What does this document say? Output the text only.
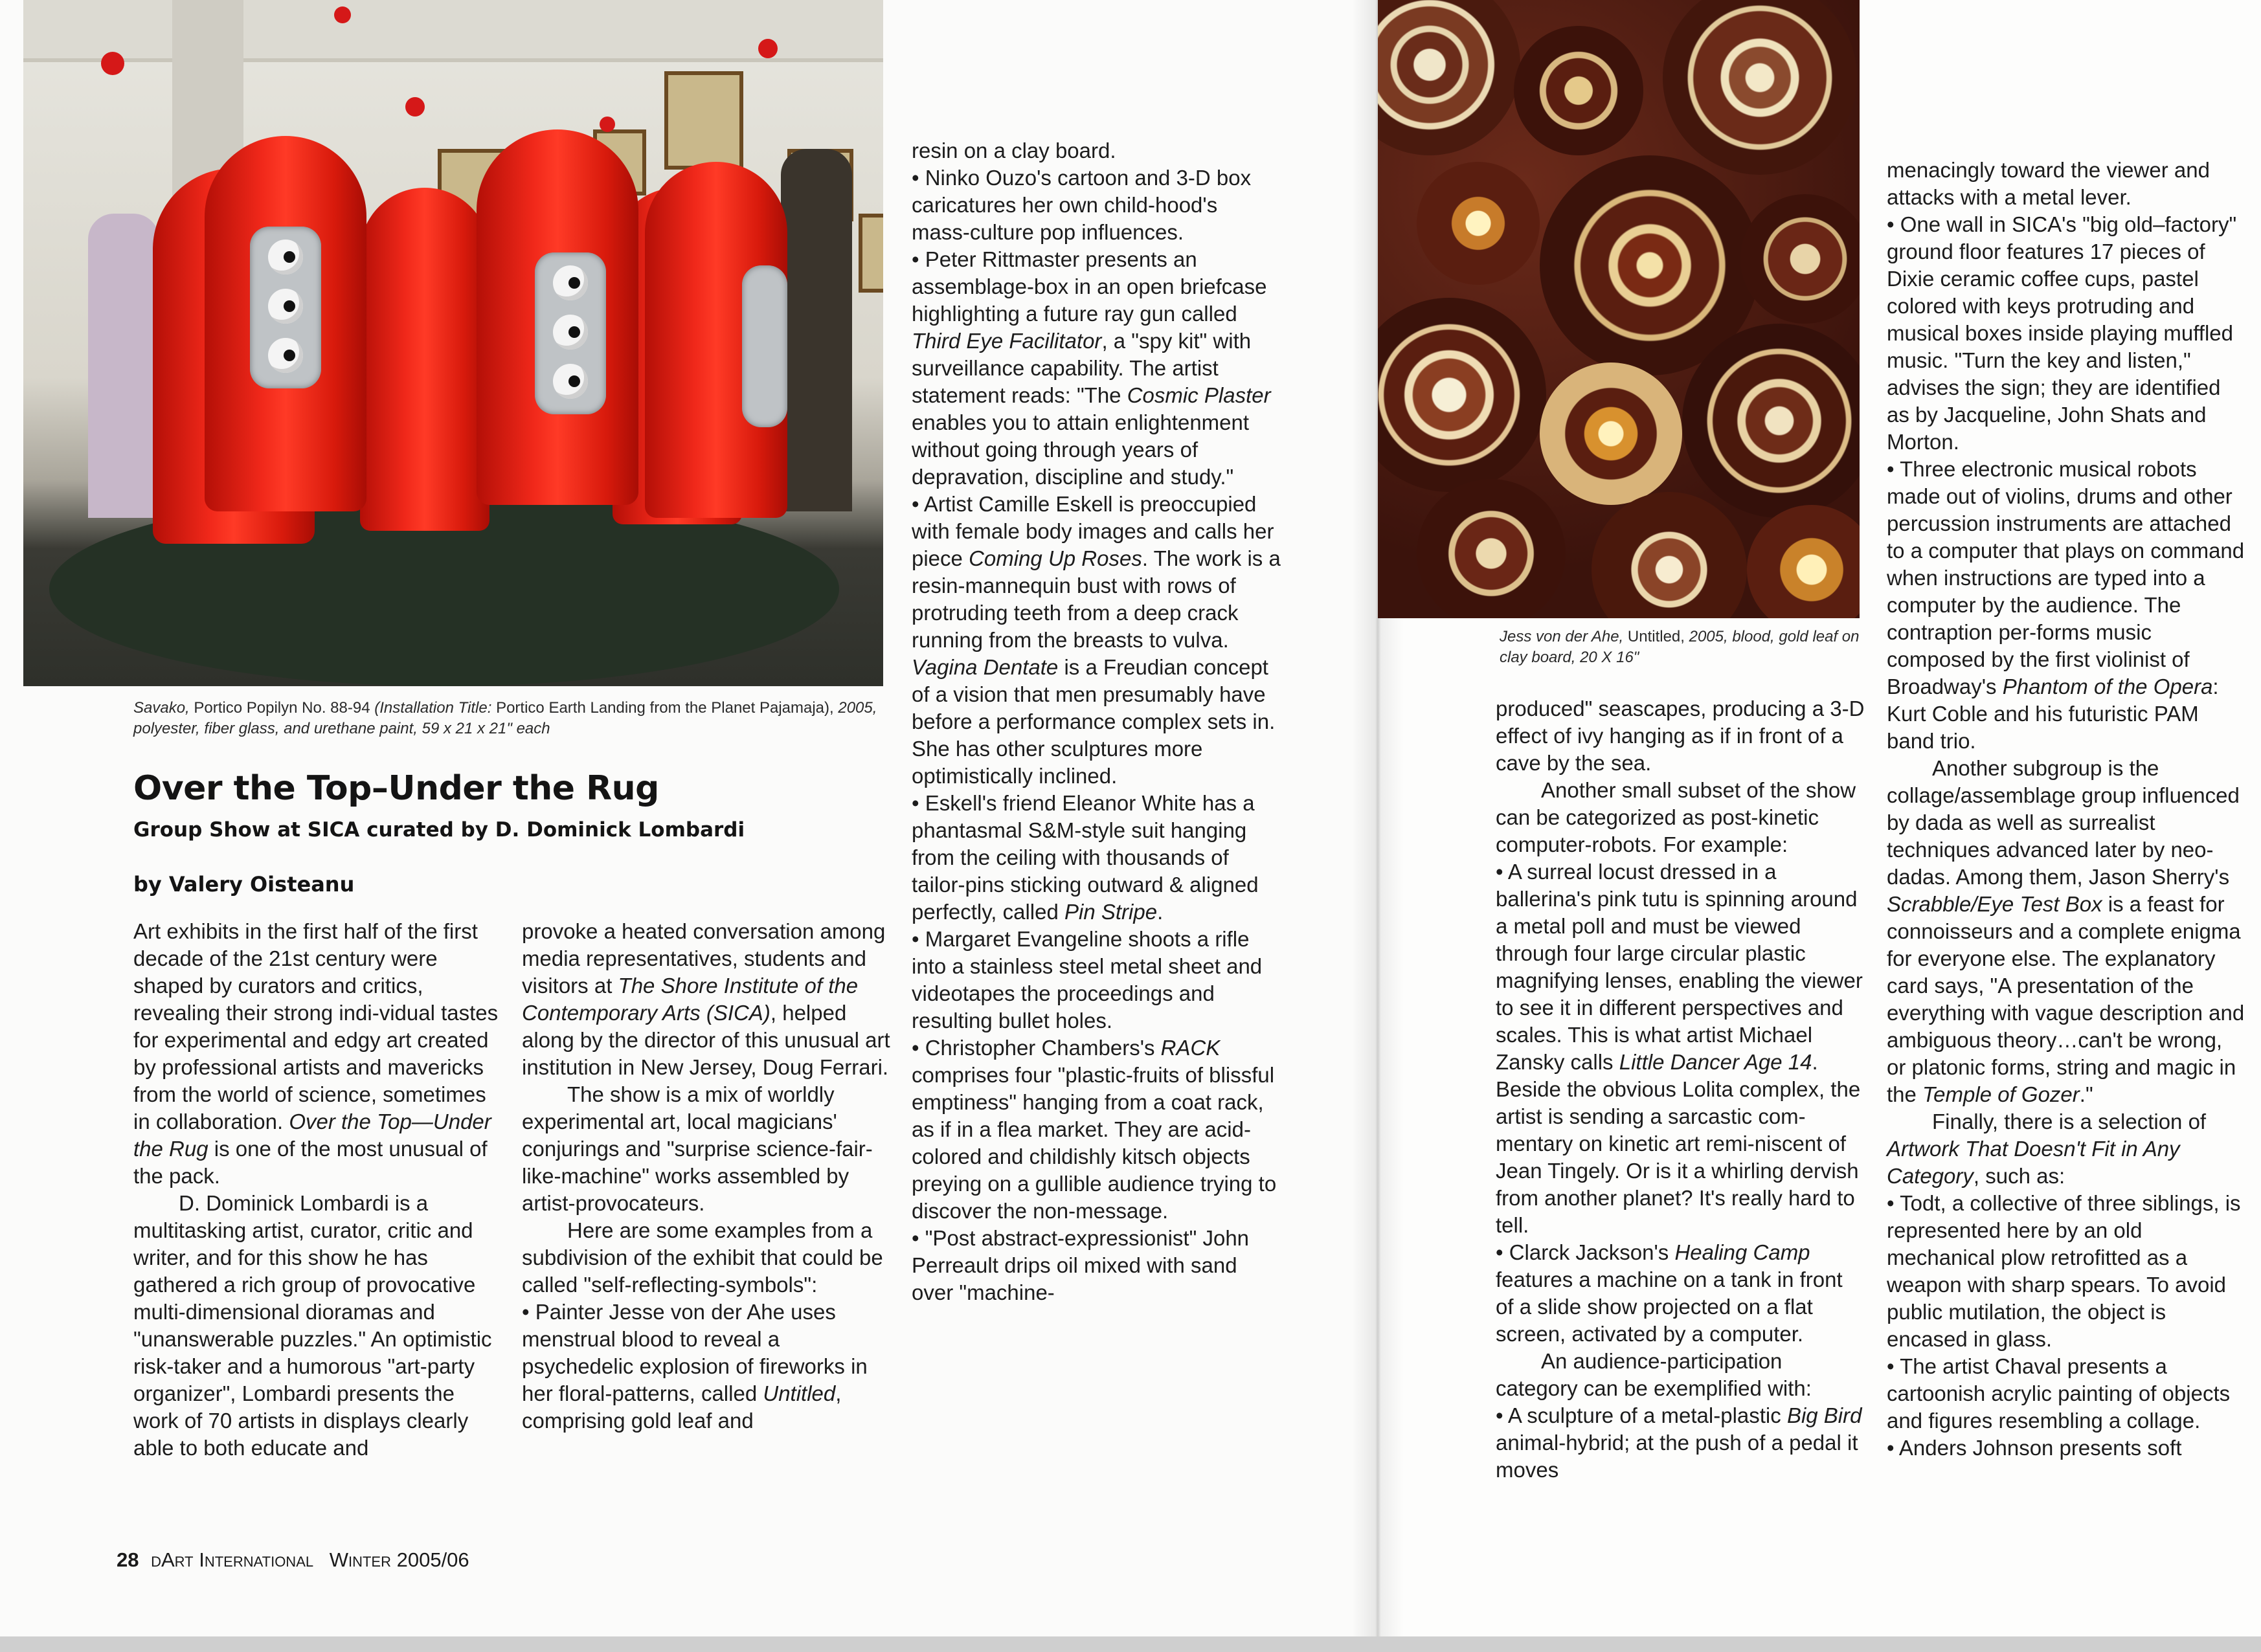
Savako, Portico Popilyn No. 88-94 (Installation Title: Portico Earth Landing from the Planet Pajamaja), 2005, polyester, fiber glass, and urethane paint, 59 x 21 x 21" each
Jess von der Ahe, Untitled, 2005, blood, gold leaf on clay board, 20 X 16"
Over the Top–Under the Rug
Group Show at SICA curated by D. Dominick Lombardi
by Valery Oisteanu

Art exhibits in the first half of the first decade of the 21st century were shaped by curators and critics, revealing their strong indi-vidual tastes for experimental and edgy art created by professional artists and mavericks from the world of science, sometimes in collaboration. Over the Top—Under the Rug is one of the most unusual of the pack.

D. Dominick Lombardi is a multitasking artist, curator, critic and writer, and for this show he has gathered a rich group of provocative multi-dimensional dioramas and "unanswerable puzzles." An optimistic risk-taker and a humorous "art-party organizer", Lombardi presents the work of 70 artists in displays clearly able to both educate and

provoke a heated conversation among media representatives, students and visitors at The Shore Institute of the Contemporary Arts (SICA), helped along by the director of this unusual art institution in New Jersey, Doug Ferrari.

The show is a mix of worldly experimental art, local magicians' conjurings and "surprise science-fair-like-machine" works assembled by artist-provocateurs.

Here are some examples from a subdivision of the exhibit that could be called "self-reflecting-symbols":

• Painter Jesse von der Ahe uses menstrual blood to reveal a psychedelic explosion of fireworks in her floral-patterns, called Untitled, comprising gold leaf and

resin on a clay board.

• Ninko Ouzo's cartoon and 3-D box caricatures her own child-hood's mass-culture pop influences.

• Peter Rittmaster presents an assemblage-box in an open briefcase highlighting a future ray gun called Third Eye Facilitator, a "spy kit" with surveillance capability. The artist statement reads: "The Cosmic Plaster enables you to attain enlightenment without going through years of depravation, discipline and study."

• Artist Camille Eskell is preoccupied with female body images and calls her piece Coming Up Roses. The work is a resin-mannequin bust with rows of protruding teeth from a deep crack running from the breasts to vulva. Vagina Dentate is a Freudian concept of a vision that men presumably have before a performance complex sets in. She has other sculptures more optimistically inclined.

• Eskell's friend Eleanor White has a phantasmal S&M-style suit hanging from the ceiling with thousands of tailor-pins sticking outward & aligned perfectly, called Pin Stripe.

• Margaret Evangeline shoots a rifle into a stainless steel metal sheet and videotapes the proceedings and resulting bullet holes.

• Christopher Chambers's RACK comprises four "plastic-fruits of blissful emptiness" hanging from a coat rack, as if in a flea market. They are acid-colored and childishly kitsch objects preying on a gullible audience trying to discover the non-message.

• "Post abstract-expressionist" John Perreault drips oil mixed with sand over "machine-

produced" seascapes, producing a 3-D effect of ivy hanging as if in front of a cave by the sea.

Another small subset of the show can be categorized as post-kinetic computer-robots. For example:

• A surreal locust dressed in a ballerina's pink tutu is spinning around a metal poll and must be viewed through four large circular plastic magnifying lenses, enabling the viewer to see it in different perspectives and scales. This is what artist Michael Zansky calls Little Dancer Age 14. Beside the obvious Lolita complex, the artist is sending a sarcastic com-mentary on kinetic art remi-niscent of Jean Tingely. Or is it a whirling dervish from another planet? It's really hard to tell.

• Clarck Jackson's Healing Camp features a machine on a tank in front of a slide show projected on a flat screen, activated by a computer.

An audience-participation category can be exemplified with:

• A sculpture of a metal-plastic Big Bird animal-hybrid; at the push of a pedal it moves

menacingly toward the viewer and attacks with a metal lever.

• One wall in SICA's "big old–factory" ground floor features 17 pieces of Dixie ceramic coffee cups, pastel colored with keys protruding and musical boxes inside playing muffled music. "Turn the key and listen," advises the sign; they are identified as by Jacqueline, John Shats and Morton.

• Three electronic musical robots made out of violins, drums and other percussion instruments are attached to a computer that plays on command when instructions are typed into a computer by the audience. The contraption per-forms music composed by the first violinist of Broadway's Phantom of the Opera: Kurt Coble and his futuristic PAM band trio.

Another subgroup is the collage/assemblage group influenced by dada as well as surrealist techniques advanced later by neo-dadas. Among them, Jason Sherry's Scrabble/Eye Test Box is a feast for connoisseurs and a complete enigma for everyone else. The explanatory card says, "A presentation of the everything with vague description and ambiguous theory…can't be wrong, or platonic forms, string and magic in the Temple of Gozer."

Finally, there is a selection of Artwork That Doesn't Fit in Any Category, such as:

• Todt, a collective of three siblings, is represented here by an old mechanical plow retrofitted as a weapon with sharp spears. To avoid public mutilation, the object is encased in glass.

• The artist Chaval presents a cartoonish acrylic painting of objects and figures resembling a collage.

• Anders Johnson presents soft

28 dArt International Winter 2005/06
